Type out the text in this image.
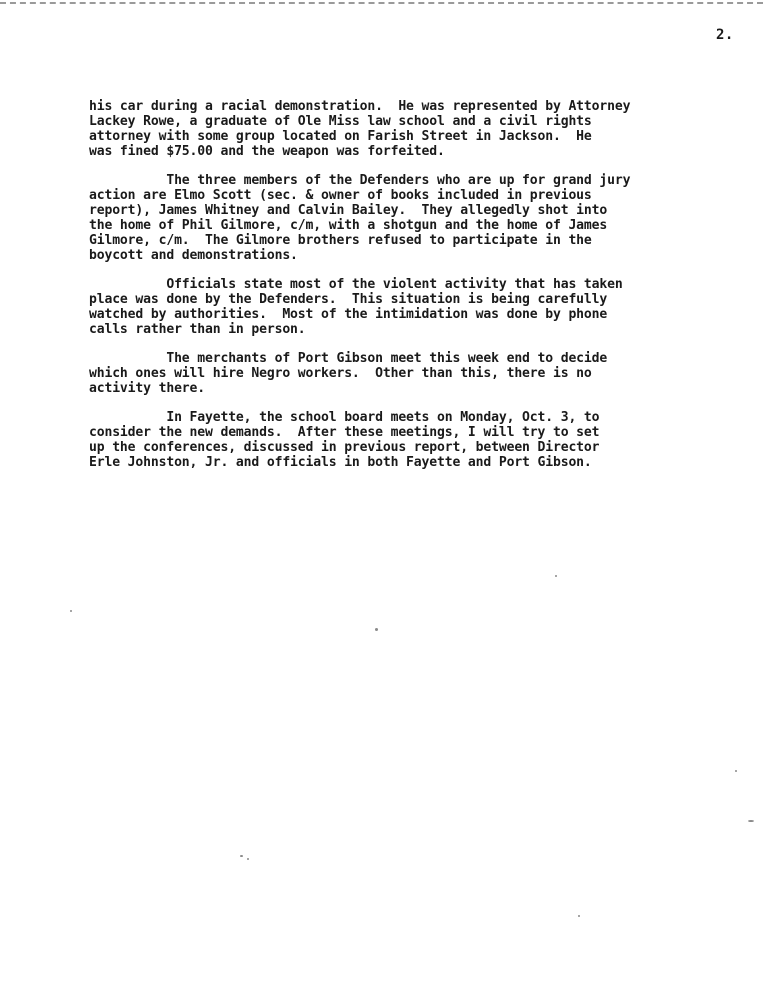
2.
his car during a racial demonstration.  He was represented by Attorney
Lackey Rowe, a graduate of Ole Miss law school and a civil rights
attorney with some group located on Farish Street in Jackson.  He
was fined $75.00 and the weapon was forfeited.
The three members of the Defenders who are up for grand jury
action are Elmo Scott (sec. & owner of books included in previous
report), James Whitney and Calvin Bailey.  They allegedly shot into
the home of Phil Gilmore, c/m, with a shotgun and the home of James
Gilmore, c/m.  The Gilmore brothers refused to participate in the
boycott and demonstrations.
Officials state most of the violent activity that has taken
place was done by the Defenders.  This situation is being carefully
watched by authorities.  Most of the intimidation was done by phone
calls rather than in person.
The merchants of Port Gibson meet this week end to decide
which ones will hire Negro workers.  Other than this, there is no
activity there.
In Fayette, the school board meets on Monday, Oct. 3, to
consider the new demands.  After these meetings, I will try to set
up the conferences, discussed in previous report, between Director
Erle Johnston, Jr. and officials in both Fayette and Port Gibson.
